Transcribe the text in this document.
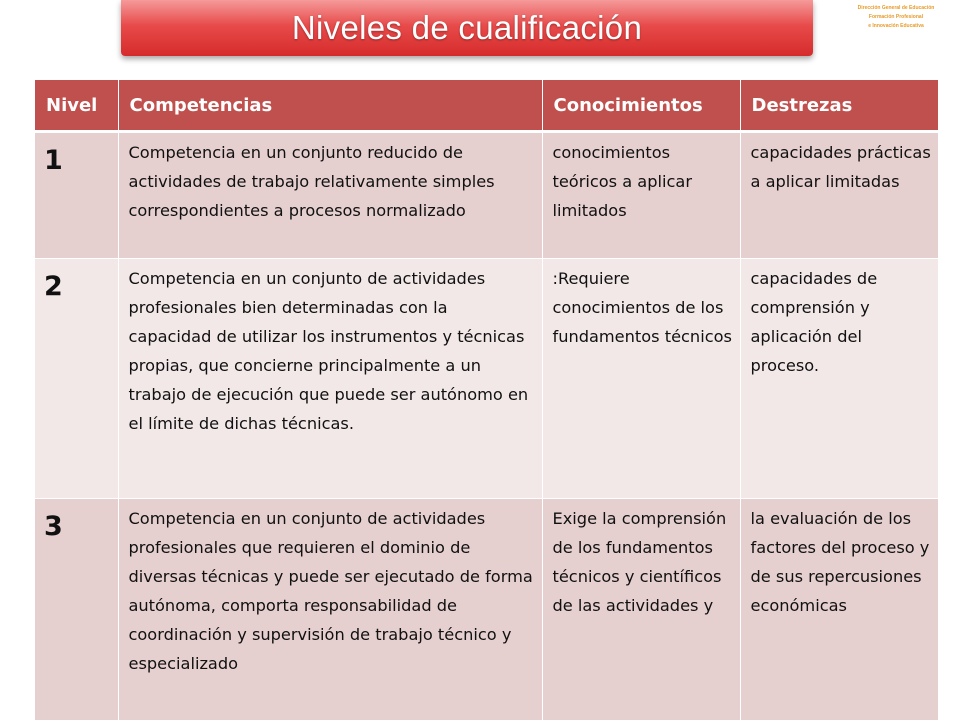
Niveles de cualificación
Dirección General de Educación
Formación Profesional
e Innovación Educativa
Nivel	Competencias	Conocimientos	Destrezas
1	Competencia en un conjunto reducido de actividades de trabajo relativamente simples correspondientes a procesos normalizado	conocimientos teóricos a aplicar limitados	capacidades prácticas a aplicar limitadas
2	Competencia en un conjunto de actividades profesionales bien determinadas con la capacidad de utilizar los instrumentos y técnicas propias, que concierne principalmente a un trabajo de ejecución que puede ser autónomo en el límite de dichas técnicas.	:Requiere conocimientos de los fundamentos técnicos	capacidades de comprensión y aplicación del proceso.
3	Competencia en un conjunto de actividades profesionales que requieren el dominio de diversas técnicas y puede ser ejecutado de forma autónoma, comporta responsabilidad de coordinación y supervisión de trabajo técnico y especializado	Exige la comprensión de los fundamentos técnicos y científicos de las actividades y	la evaluación de los factores del proceso y de sus repercusiones económicas
